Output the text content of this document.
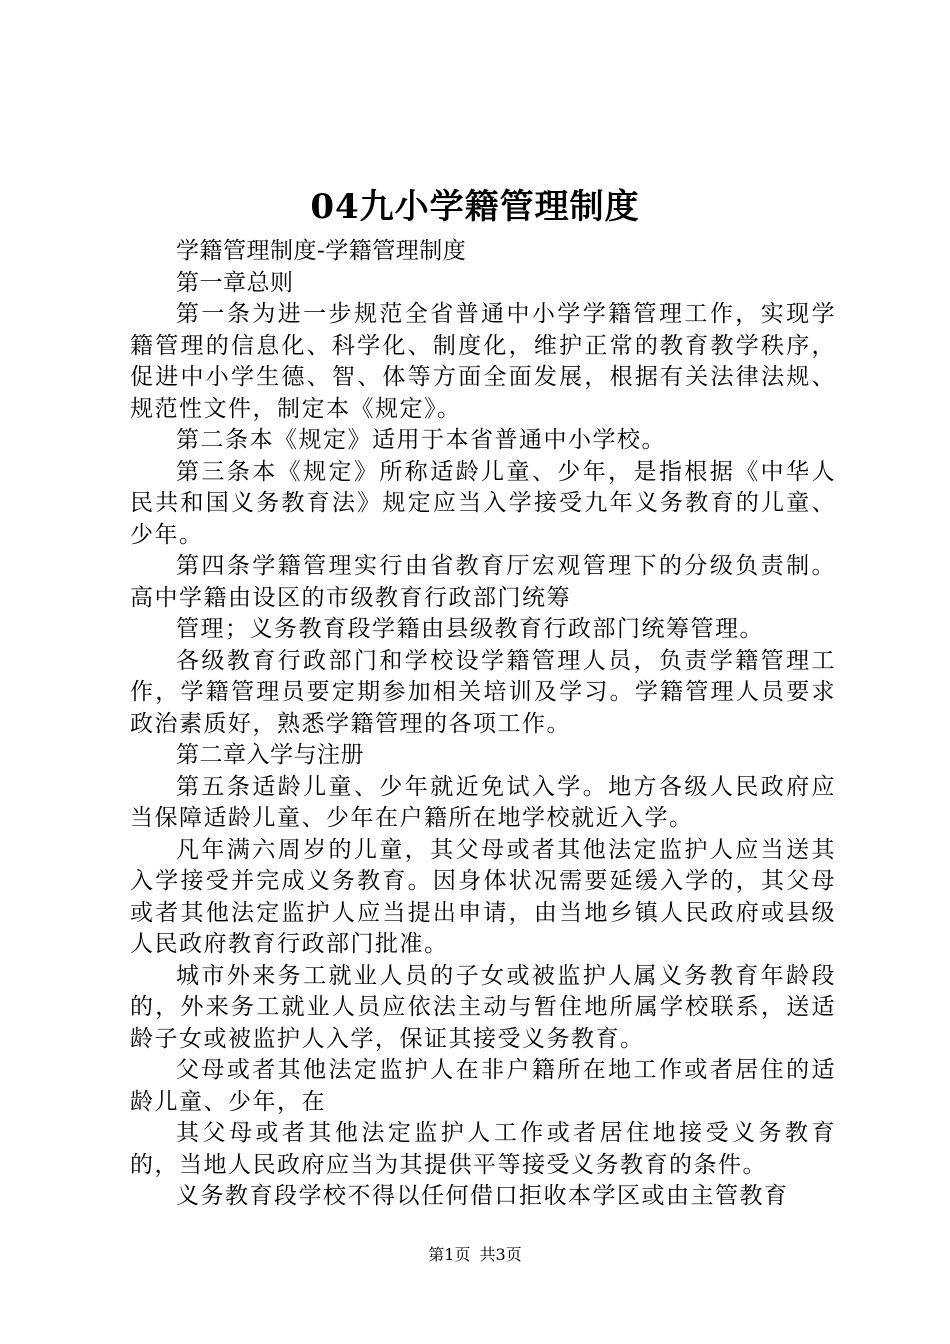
04九小学籍管理制度

学籍管理制度-学籍管理制度

第一章总则

第一条为进一步规范全省普通中小学学籍管理工作，实现学籍管理的信息化、科学化、制度化，维护正常的教育教学秩序，促进中小学生德、智、体等方面全面发展，根据有关法律法规、规范性文件，制定本《规定》。

第二条本《规定》适用于本省普通中小学校。

第三条本《规定》所称适龄儿童、少年，是指根据《中华人民共和国义务教育法》规定应当入学接受九年义务教育的儿童、少年。

第四条学籍管理实行由省教育厅宏观管理下的分级负责制。高中学籍由设区的市级教育行政部门统筹

管理；义务教育段学籍由县级教育行政部门统筹管理。

各级教育行政部门和学校设学籍管理人员，负责学籍管理工作，学籍管理员要定期参加相关培训及学习。学籍管理人员要求政治素质好，熟悉学籍管理的各项工作。

第二章入学与注册

第五条适龄儿童、少年就近免试入学。地方各级人民政府应当保障适龄儿童、少年在户籍所在地学校就近入学。

凡年满六周岁的儿童，其父母或者其他法定监护人应当送其入学接受并完成义务教育。因身体状况需要延缓入学的，其父母或者其他法定监护人应当提出申请，由当地乡镇人民政府或县级人民政府教育行政部门批准。

城市外来务工就业人员的子女或被监护人属义务教育年龄段的，外来务工就业人员应依法主动与暂住地所属学校联系，送适龄子女或被监护人入学，保证其接受义务教育。

父母或者其他法定监护人在非户籍所在地工作或者居住的适龄儿童、少年，在

其父母或者其他法定监护人工作或者居住地接受义务教育的，当地人民政府应当为其提供平等接受义务教育的条件。

义务教育段学校不得以任何借口拒收本学区或由主管教育

第1页 共3页
